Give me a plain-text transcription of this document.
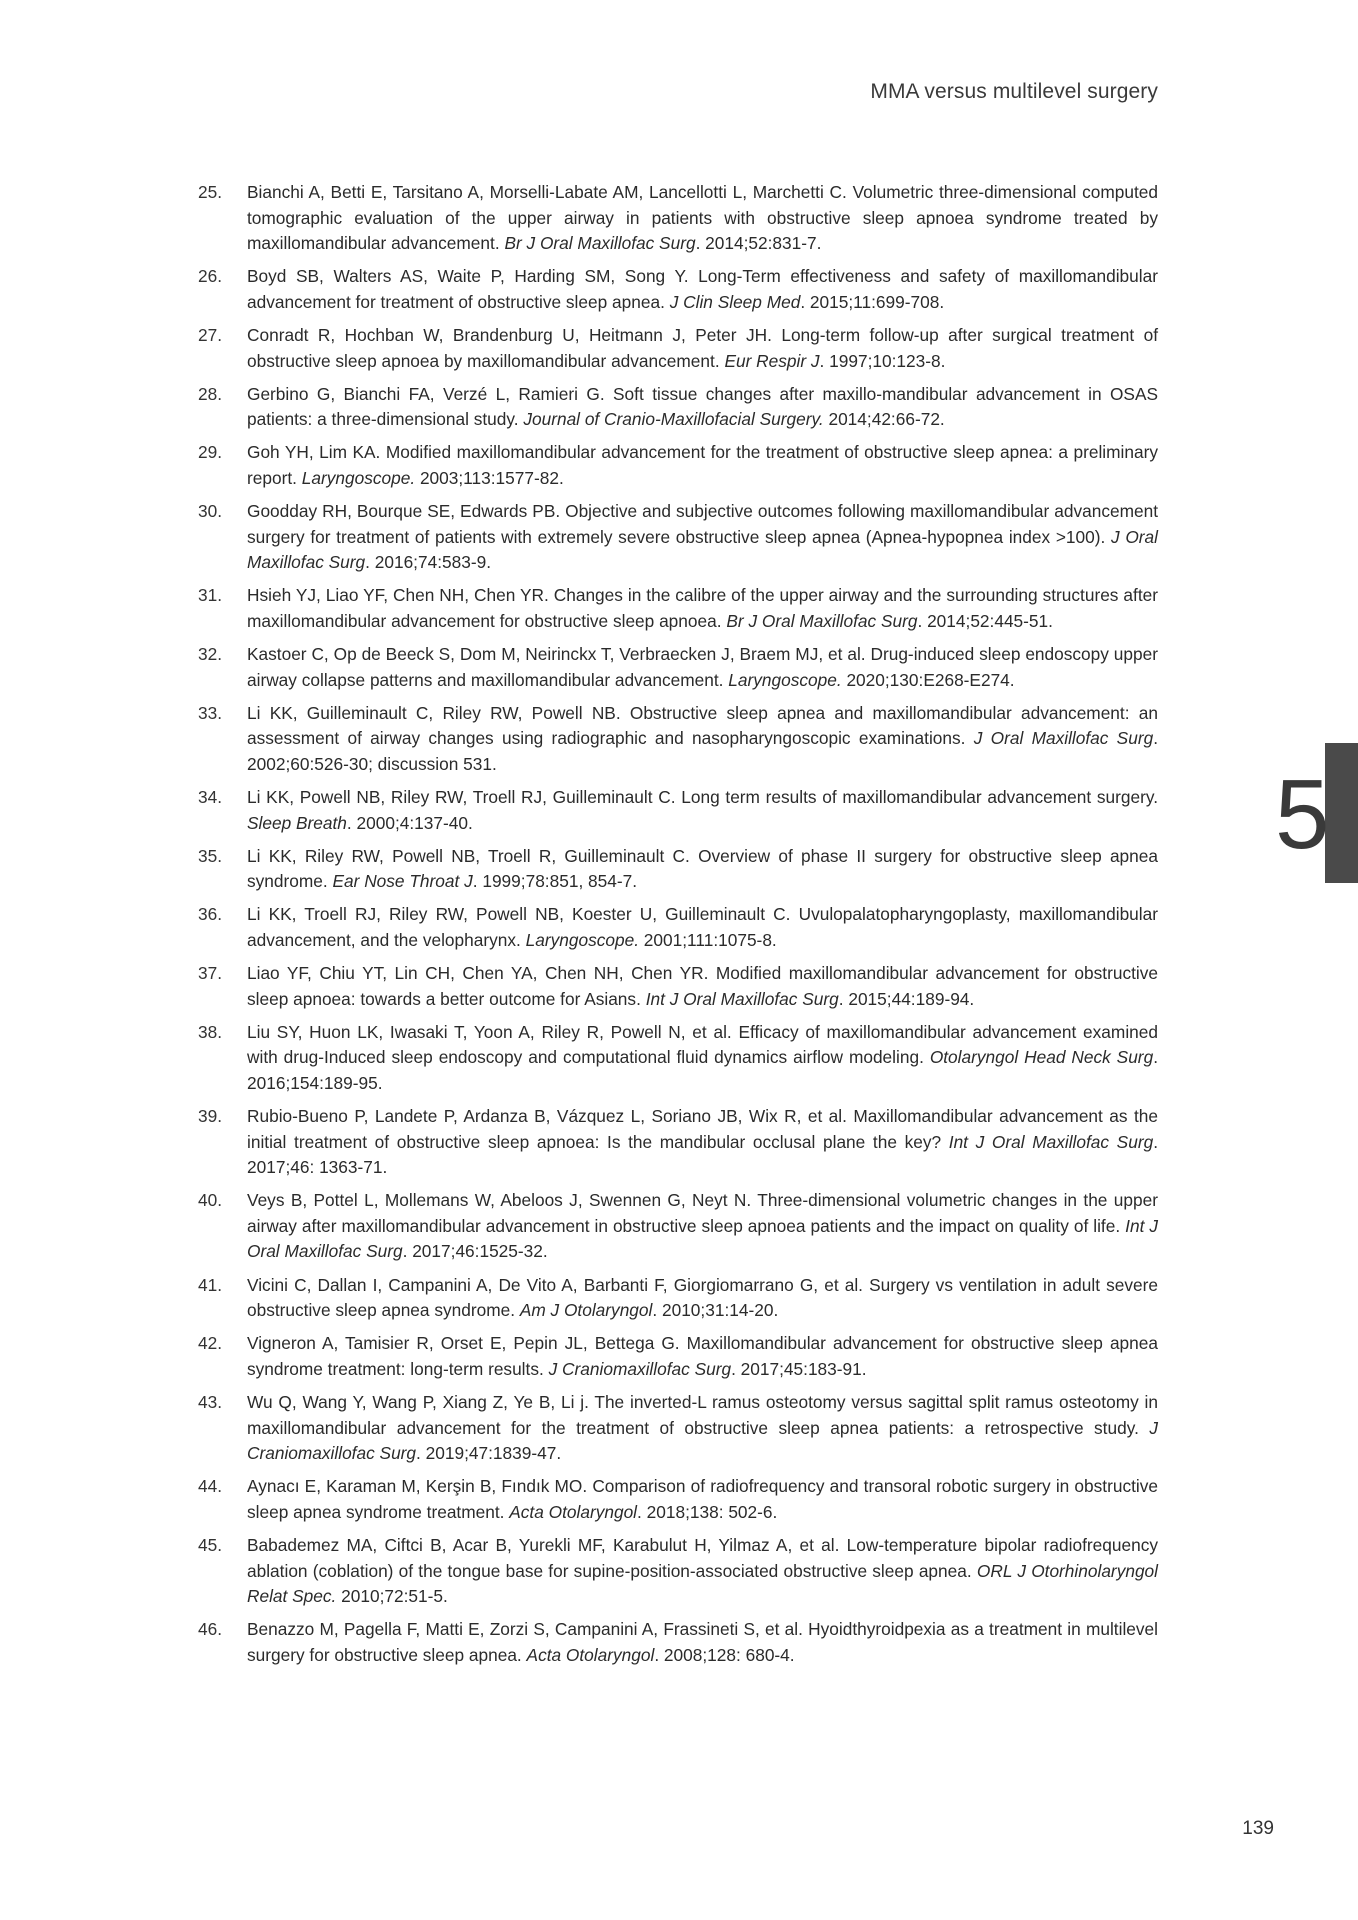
MMA versus multilevel surgery
25.	Bianchi A, Betti E, Tarsitano A, Morselli-Labate AM, Lancellotti L, Marchetti C. Volumetric three-dimensional computed tomographic evaluation of the upper airway in patients with obstructive sleep apnoea syndrome treated by maxillomandibular advancement. Br J Oral Maxillofac Surg. 2014;52:831-7.
26.	Boyd SB, Walters AS, Waite P, Harding SM, Song Y. Long-Term effectiveness and safety of maxillomandibular advancement for treatment of obstructive sleep apnea. J Clin Sleep Med. 2015;11:699-708.
27.	Conradt R, Hochban W, Brandenburg U, Heitmann J, Peter JH. Long-term follow-up after surgical treatment of obstructive sleep apnoea by maxillomandibular advancement. Eur Respir J. 1997;10:123-8.
28.	Gerbino G, Bianchi FA, Verzé L, Ramieri G. Soft tissue changes after maxillo-mandibular advancement in OSAS patients: a three-dimensional study. Journal of Cranio-Maxillofacial Surgery. 2014;42:66-72.
29.	Goh YH, Lim KA. Modified maxillomandibular advancement for the treatment of obstructive sleep apnea: a preliminary report. Laryngoscope. 2003;113:1577-82.
30.	Goodday RH, Bourque SE, Edwards PB. Objective and subjective outcomes following maxillomandibular advancement surgery for treatment of patients with extremely severe obstructive sleep apnea (Apnea-hypopnea index >100). J Oral Maxillofac Surg. 2016;74:583-9.
31.	Hsieh YJ, Liao YF, Chen NH, Chen YR. Changes in the calibre of the upper airway and the surrounding structures after maxillomandibular advancement for obstructive sleep apnoea. Br J Oral Maxillofac Surg. 2014;52:445-51.
32.	Kastoer C, Op de Beeck S, Dom M, Neirinckx T, Verbraecken J, Braem MJ, et al. Drug-induced sleep endoscopy upper airway collapse patterns and maxillomandibular advancement. Laryngoscope. 2020;130:E268-E274.
33.	Li KK, Guilleminault C, Riley RW, Powell NB. Obstructive sleep apnea and maxillomandibular advancement: an assessment of airway changes using radiographic and nasopharyngoscopic examinations. J Oral Maxillofac Surg. 2002;60:526-30; discussion 531.
34.	Li KK, Powell NB, Riley RW, Troell RJ, Guilleminault C. Long term results of maxillomandibular advancement surgery. Sleep Breath. 2000;4:137-40.
35.	Li KK, Riley RW, Powell NB, Troell R, Guilleminault C. Overview of phase II surgery for obstructive sleep apnea syndrome. Ear Nose Throat J. 1999;78:851, 854-7.
36.	Li KK, Troell RJ, Riley RW, Powell NB, Koester U, Guilleminault C. Uvulopalatopharyngoplasty, maxillomandibular advancement, and the velopharynx. Laryngoscope. 2001;111:1075-8.
37.	Liao YF, Chiu YT, Lin CH, Chen YA, Chen NH, Chen YR. Modified maxillomandibular advancement for obstructive sleep apnoea: towards a better outcome for Asians. Int J Oral Maxillofac Surg. 2015;44:189-94.
38.	Liu SY, Huon LK, Iwasaki T, Yoon A, Riley R, Powell N, et al. Efficacy of maxillomandibular advancement examined with drug-Induced sleep endoscopy and computational fluid dynamics airflow modeling. Otolaryngol Head Neck Surg. 2016;154:189-95.
39.	Rubio-Bueno P, Landete P, Ardanza B, Vázquez L, Soriano JB, Wix R, et al. Maxillomandibular advancement as the initial treatment of obstructive sleep apnoea: Is the mandibular occlusal plane the key? Int J Oral Maxillofac Surg. 2017;46: 1363-71.
40.	Veys B, Pottel L, Mollemans W, Abeloos J, Swennen G, Neyt N. Three-dimensional volumetric changes in the upper airway after maxillomandibular advancement in obstructive sleep apnoea patients and the impact on quality of life. Int J Oral Maxillofac Surg. 2017;46:1525-32.
41.	Vicini C, Dallan I, Campanini A, De Vito A, Barbanti F, Giorgiomarrano G, et al. Surgery vs ventilation in adult severe obstructive sleep apnea syndrome. Am J Otolaryngol. 2010;31:14-20.
42.	Vigneron A, Tamisier R, Orset E, Pepin JL, Bettega G. Maxillomandibular advancement for obstructive sleep apnea syndrome treatment: long-term results. J Craniomaxillofac Surg. 2017;45:183-91.
43.	Wu Q, Wang Y, Wang P, Xiang Z, Ye B, Li j. The inverted-L ramus osteotomy versus sagittal split ramus osteotomy in maxillomandibular advancement for the treatment of obstructive sleep apnea patients: a retrospective study. J Craniomaxillofac Surg. 2019;47:1839-47.
44.	Aynacı E, Karaman M, Kerşin B, Fındık MO. Comparison of radiofrequency and transoral robotic surgery in obstructive sleep apnea syndrome treatment. Acta Otolaryngol. 2018;138: 502-6.
45.	Babademez MA, Ciftci B, Acar B, Yurekli MF, Karabulut H, Yilmaz A, et al. Low-temperature bipolar radiofrequency ablation (coblation) of the tongue base for supine-position-associated obstructive sleep apnea. ORL J Otorhinolaryngol Relat Spec. 2010;72:51-5.
46.	Benazzo M, Pagella F, Matti E, Zorzi S, Campanini A, Frassineti S, et al. Hyoidthyroidpexia as a treatment in multilevel surgery for obstructive sleep apnea. Acta Otolaryngol. 2008;128: 680-4.
5
139
